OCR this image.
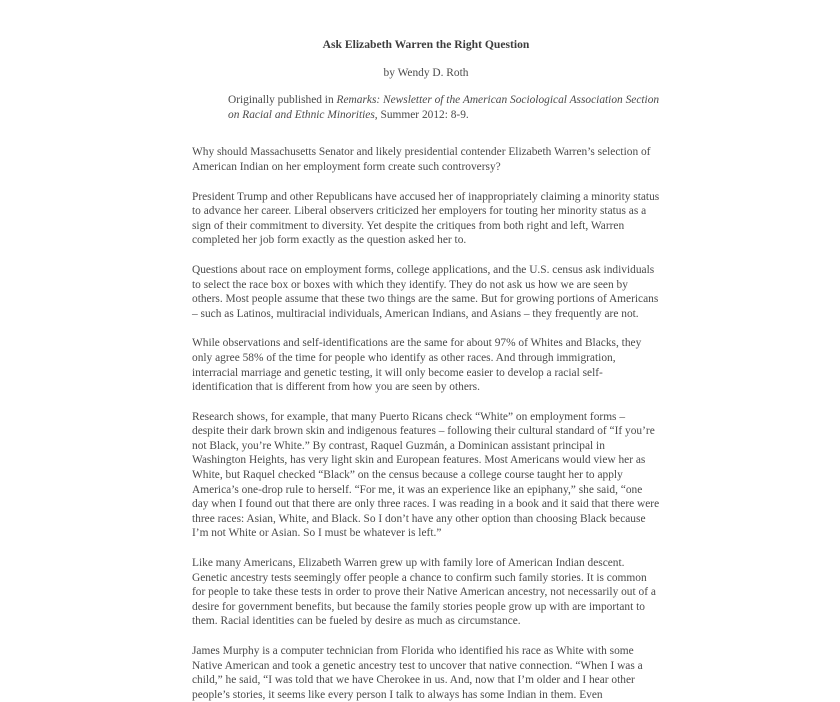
Ask Elizabeth Warren the Right Question
by Wendy D. Roth
Originally published in Remarks: Newsletter of the American Sociological Association Section on Racial and Ethnic Minorities, Summer 2012: 8-9.

Why should Massachusetts Senator and likely presidential contender Elizabeth Warren’s selection of American Indian on her employment form create such controversy?

President Trump and other Republicans have accused her of inappropriately claiming a minority status to advance her career. Liberal observers criticized her employers for touting her minority status as a sign of their commitment to diversity. Yet despite the critiques from both right and left, Warren completed her job form exactly as the question asked her to.

Questions about race on employment forms, college applications, and the U.S. census ask individuals to select the race box or boxes with which they identify. They do not ask us how we are seen by others. Most people assume that these two things are the same. But for growing portions of Americans – such as Latinos, multiracial individuals, American Indians, and Asians – they frequently are not.

While observations and self-identifications are the same for about 97% of Whites and Blacks, they only agree 58% of the time for people who identify as other races. And through immigration, interracial marriage and genetic testing, it will only become easier to develop a racial self-identification that is different from how you are seen by others.

Research shows, for example, that many Puerto Ricans check “White” on employment forms – despite their dark brown skin and indigenous features – following their cultural standard of “If you’re not Black, you’re White.” By contrast, Raquel Guzmán, a Dominican assistant principal in Washington Heights, has very light skin and European features. Most Americans would view her as White, but Raquel checked “Black” on the census because a college course taught her to apply America’s one-drop rule to herself. “For me, it was an experience like an epiphany,” she said, “one day when I found out that there are only three races. I was reading in a book and it said that there were three races: Asian, White, and Black. So I don’t have any other option than choosing Black because I’m not White or Asian. So I must be whatever is left.”

Like many Americans, Elizabeth Warren grew up with family lore of American Indian descent. Genetic ancestry tests seemingly offer people a chance to confirm such family stories. It is common for people to take these tests in order to prove their Native American ancestry, not necessarily out of a desire for government benefits, but because the family stories people grow up with are important to them. Racial identities can be fueled by desire as much as circumstance.

James Murphy is a computer technician from Florida who identified his race as White with some Native American and took a genetic ancestry test to uncover that native connection. “When I was a child,” he said, “I was told that we have Cherokee in us. And, now that I’m older and I hear other people’s stories, it seems like every person I talk to always has some Indian in them. Even
